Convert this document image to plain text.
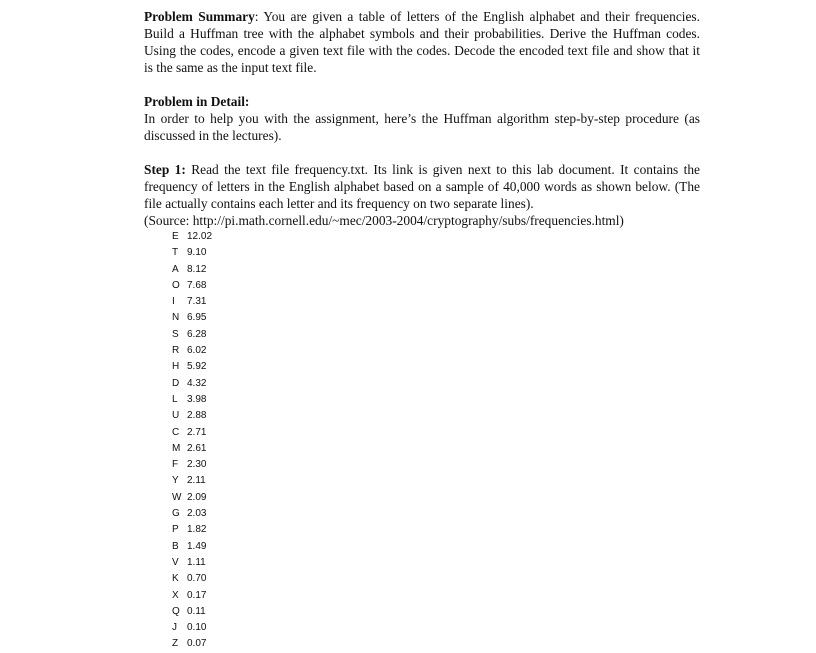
Problem Summary: You are given a table of letters of the English alphabet and their frequencies. Build a Huffman tree with the alphabet symbols and their probabilities. Derive the Huffman codes. Using the codes, encode a given text file with the codes. Decode the encoded text file and show that it is the same as the input text file.

Problem in Detail:
In order to help you with the assignment, here’s the Huffman algorithm step-by-step procedure (as discussed in the lectures).

Step 1: Read the text file frequency.txt. Its link is given next to this lab document. It contains the frequency of letters in the English alphabet based on a sample of 40,000 words as shown below. (The file actually contains each letter and its frequency on two separate lines).
(Source: http://pi.math.cornell.edu/~mec/2003-2004/cryptography/subs/frequencies.html)

E 12.02
T 9.10
A 8.12
O 7.68
I	7.31
N 6.95
S 6.28
R 6.02
H 5.92
D 4.32
L 3.98
U 2.88
C 2.71
M 2.61
F 2.30
Y 2.11
W 2.09
G 2.03
P 1.82
B 1.49
V 1.11
K 0.70
X 0.17
Q 0.11
J	0.10
Z 0.07
